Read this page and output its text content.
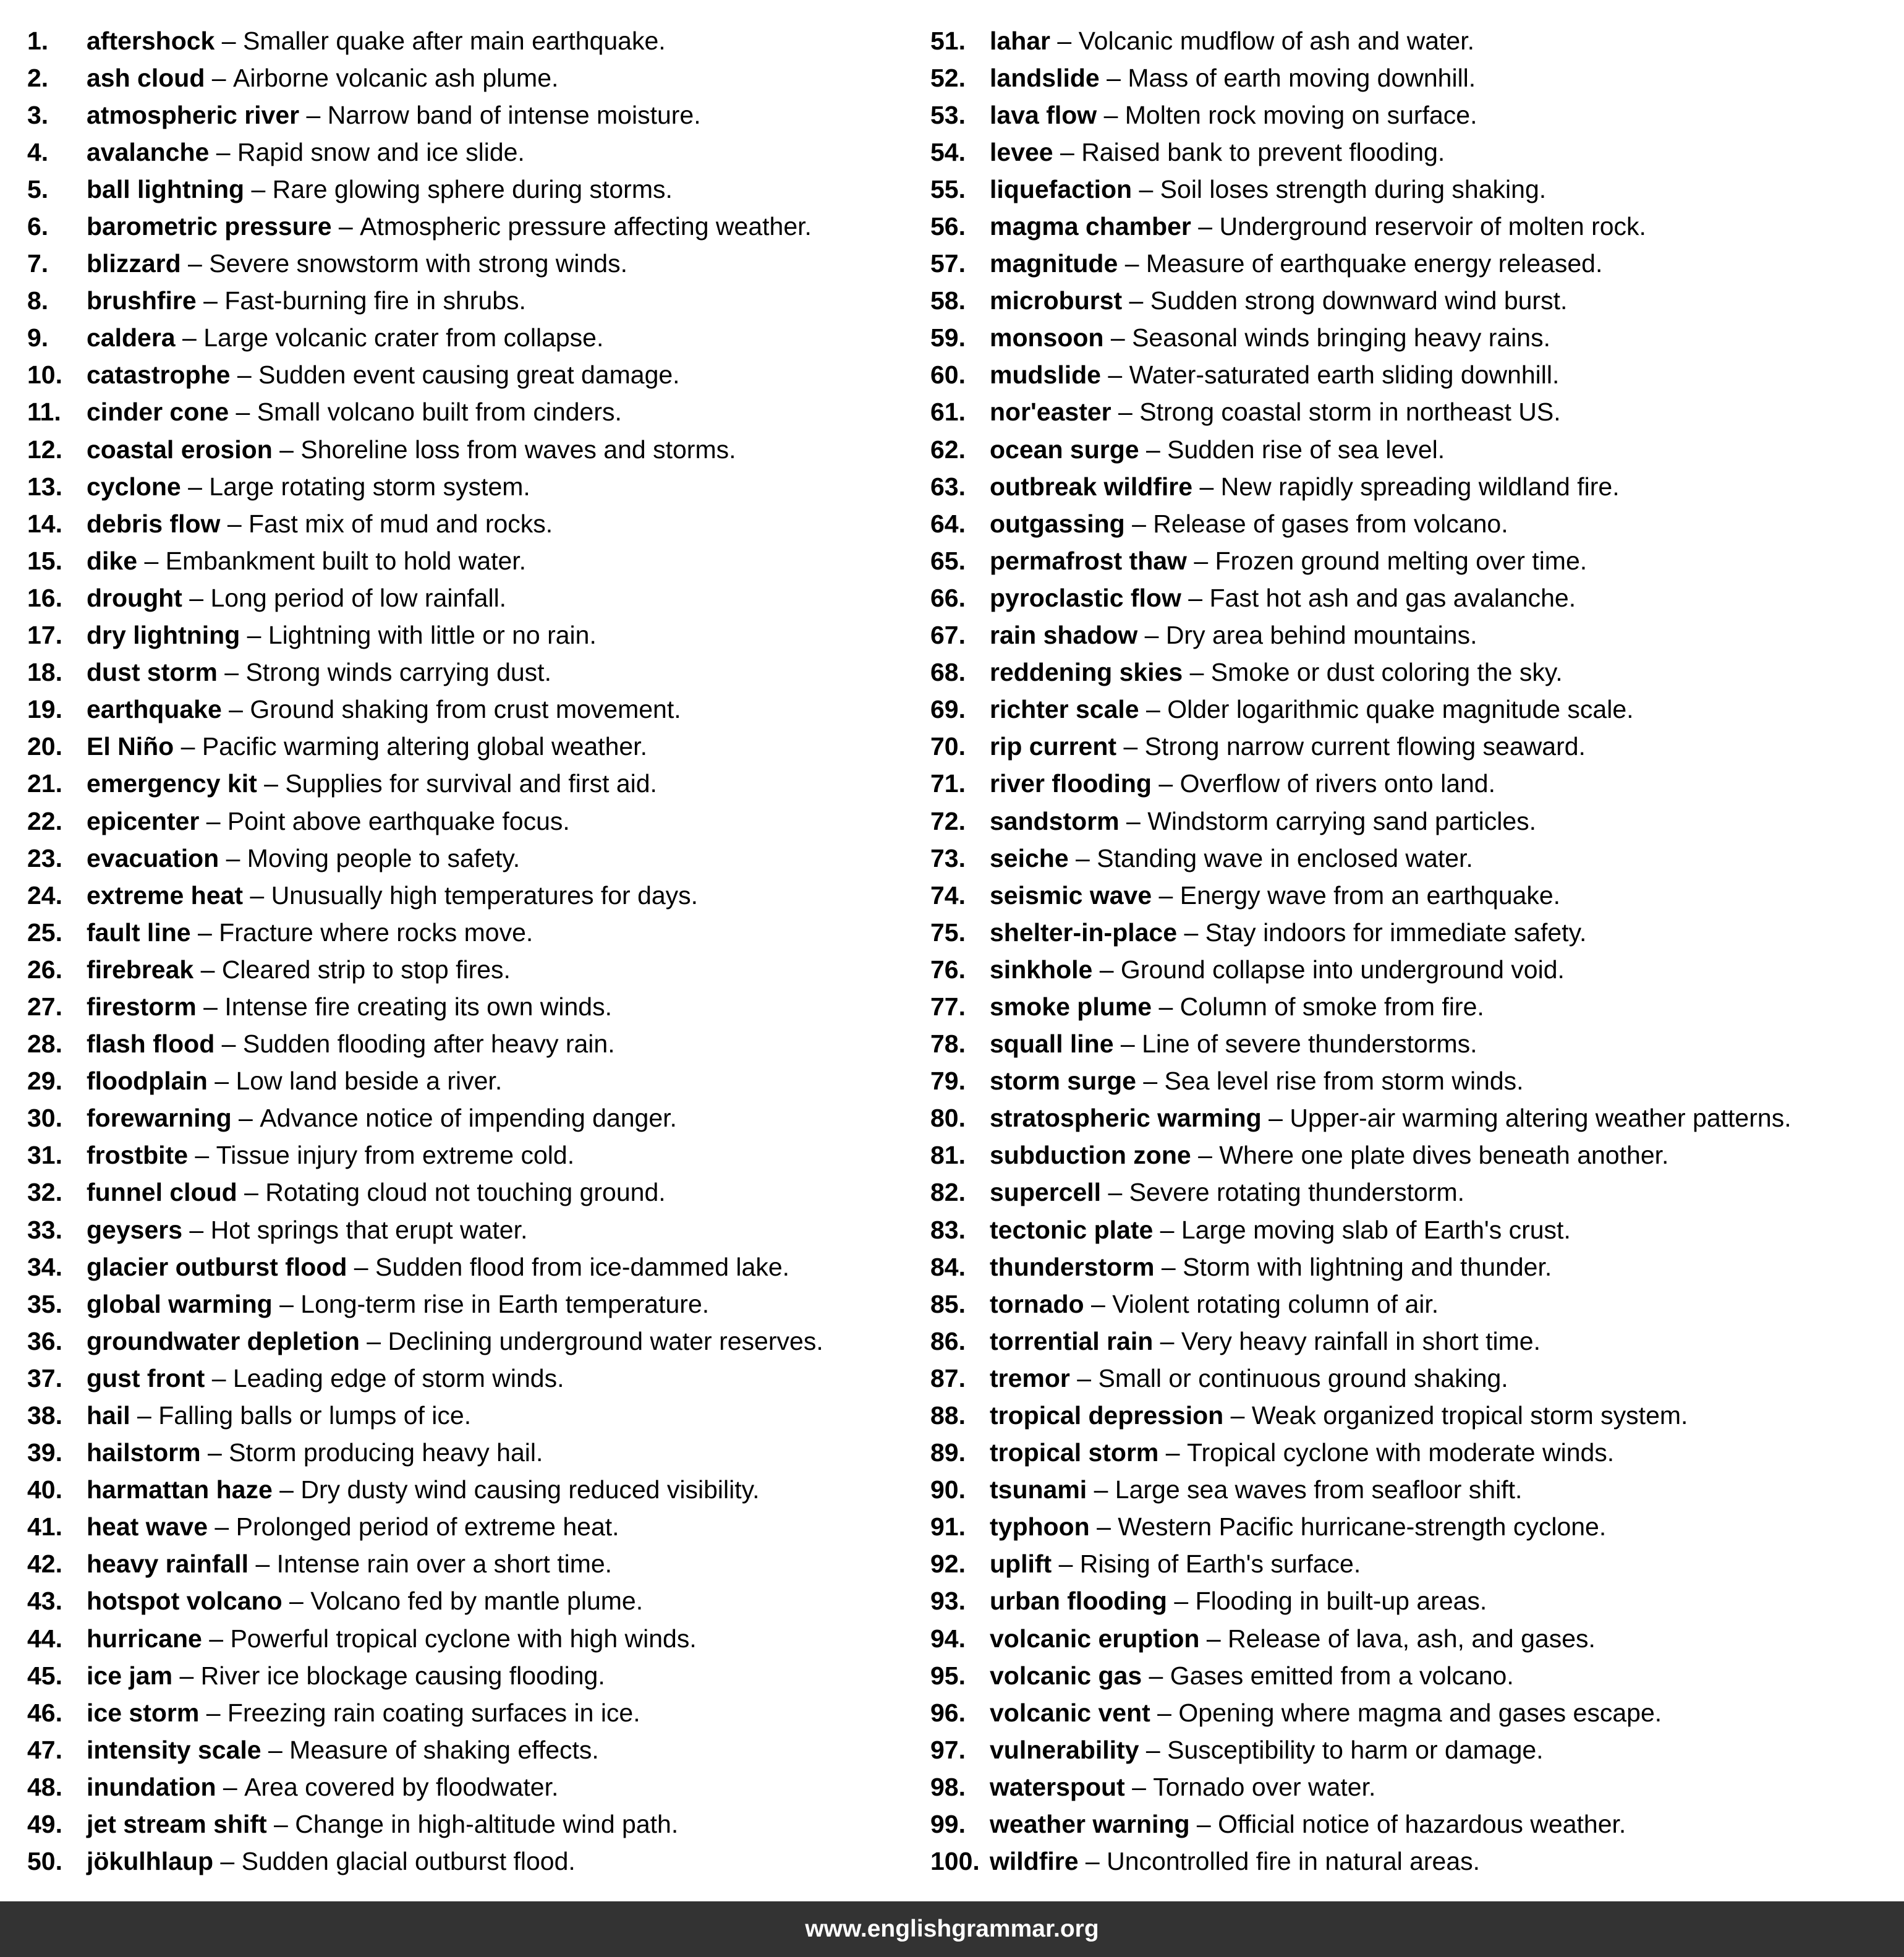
1.	aftershock – Smaller quake after main earthquake.
2.	ash cloud – Airborne volcanic ash plume.
3.	atmospheric river – Narrow band of intense moisture.
4.	avalanche – Rapid snow and ice slide.
5.	ball lightning – Rare glowing sphere during storms.
6.	barometric pressure – Atmospheric pressure affecting weather.
7.	blizzard – Severe snowstorm with strong winds.
8.	brushfire – Fast-burning fire in shrubs.
9.	caldera – Large volcanic crater from collapse.
10. catastrophe – Sudden event causing great damage.
11.	cinder cone – Small volcano built from cinders.
12. coastal erosion – Shoreline loss from waves and storms.
13. cyclone – Large rotating storm system.
14. debris flow – Fast mix of mud and rocks.
15. dike – Embankment built to hold water.
16. drought – Long period of low rainfall.
17. dry lightning – Lightning with little or no rain.
18. dust storm – Strong winds carrying dust.
19. earthquake – Ground shaking from crust movement.
20. El Niño – Pacific warming altering global weather.
21. emergency kit – Supplies for survival and first aid.
22. epicenter – Point above earthquake focus.
23. evacuation – Moving people to safety.
24. extreme heat – Unusually high temperatures for days.
25. fault line – Fracture where rocks move.
26. firebreak – Cleared strip to stop fires.
27. firestorm – Intense fire creating its own winds.
28. flash flood – Sudden flooding after heavy rain.
29. floodplain – Low land beside a river.
30. forewarning – Advance notice of impending danger.
31. frostbite – Tissue injury from extreme cold.
32. funnel cloud – Rotating cloud not touching ground.
33. geysers – Hot springs that erupt water.
34. glacier outburst flood – Sudden flood from ice-dammed lake.
35. global warming – Long-term rise in Earth temperature.
36. groundwater depletion – Declining underground water reserves.
37. gust front – Leading edge of storm winds.
38. hail – Falling balls or lumps of ice.
39. hailstorm – Storm producing heavy hail.
40. harmattan haze – Dry dusty wind causing reduced visibility.
41. heat wave – Prolonged period of extreme heat.
42. heavy rainfall – Intense rain over a short time.
43. hotspot volcano – Volcano fed by mantle plume.
44. hurricane – Powerful tropical cyclone with high winds.
45. ice jam – River ice blockage causing flooding.
46. ice storm – Freezing rain coating surfaces in ice.
47. intensity scale – Measure of shaking effects.
48. inundation – Area covered by floodwater.
49. jet stream shift – Change in high-altitude wind path.
50. jökulhlaup – Sudden glacial outburst flood.
51. lahar – Volcanic mudflow of ash and water.
52. landslide – Mass of earth moving downhill.
53. lava flow – Molten rock moving on surface.
54. levee – Raised bank to prevent flooding.
55. liquefaction – Soil loses strength during shaking.
56. magma chamber – Underground reservoir of molten rock.
57. magnitude – Measure of earthquake energy released.
58. microburst – Sudden strong downward wind burst.
59. monsoon – Seasonal winds bringing heavy rains.
60. mudslide – Water-saturated earth sliding downhill.
61. nor'easter – Strong coastal storm in northeast US.
62. ocean surge – Sudden rise of sea level.
63. outbreak wildfire – New rapidly spreading wildland fire.
64. outgassing – Release of gases from volcano.
65. permafrost thaw – Frozen ground melting over time.
66. pyroclastic flow – Fast hot ash and gas avalanche.
67. rain shadow – Dry area behind mountains.
68. reddening skies – Smoke or dust coloring the sky.
69. richter scale – Older logarithmic quake magnitude scale.
70. rip current – Strong narrow current flowing seaward.
71. river flooding – Overflow of rivers onto land.
72. sandstorm – Windstorm carrying sand particles.
73. seiche – Standing wave in enclosed water.
74. seismic wave – Energy wave from an earthquake.
75. shelter-in-place – Stay indoors for immediate safety.
76. sinkhole – Ground collapse into underground void.
77. smoke plume – Column of smoke from fire.
78. squall line – Line of severe thunderstorms.
79. storm surge – Sea level rise from storm winds.
80. stratospheric warming – Upper-air warming altering weather patterns.
81. subduction zone – Where one plate dives beneath another.
82. supercell – Severe rotating thunderstorm.
83. tectonic plate – Large moving slab of Earth's crust.
84. thunderstorm – Storm with lightning and thunder.
85. tornado – Violent rotating column of air.
86. torrential rain – Very heavy rainfall in short time.
87. tremor – Small or continuous ground shaking.
88. tropical depression – Weak organized tropical storm system.
89. tropical storm – Tropical cyclone with moderate winds.
90. tsunami – Large sea waves from seafloor shift.
91. typhoon – Western Pacific hurricane-strength cyclone.
92. uplift – Rising of Earth's surface.
93. urban flooding – Flooding in built-up areas.
94. volcanic eruption – Release of lava, ash, and gases.
95. volcanic gas – Gases emitted from a volcano.
96. volcanic vent – Opening where magma and gases escape.
97. vulnerability – Susceptibility to harm or damage.
98. waterspout – Tornado over water.
99. weather warning – Official notice of hazardous weather.
100. wildfire – Uncontrolled fire in natural areas.
www.englishgrammar.org
